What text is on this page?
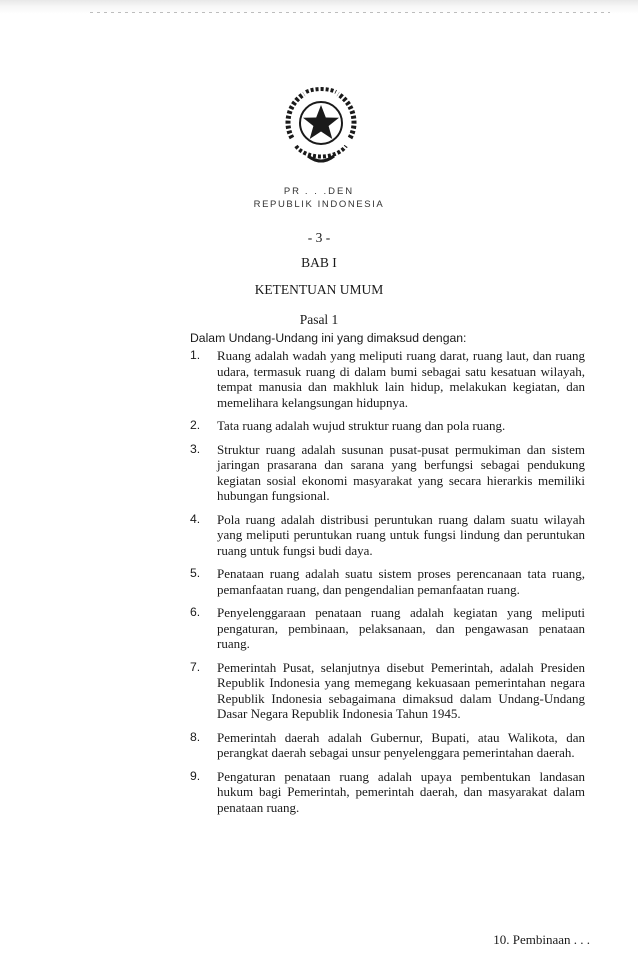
PR . . .DEN
REPUBLIK INDONESIA
- 3 -
BAB I
KETENTUAN UMUM
Pasal 1
Dalam Undang-Undang ini yang dimaksud dengan:
1.	Ruang adalah wadah yang meliputi ruang darat, ruang laut, dan ruang udara, termasuk ruang di dalam bumi sebagai satu kesatuan wilayah, tempat manusia dan makhluk lain hidup, melakukan kegiatan, dan memelihara kelangsungan hidupnya.
2.	Tata ruang adalah wujud struktur ruang dan pola ruang.
3.	Struktur ruang adalah susunan pusat-pusat permukiman dan sistem jaringan prasarana dan sarana yang berfungsi sebagai pendukung kegiatan sosial ekonomi masyarakat yang secara hierarkis memiliki hubungan fungsional.
4.	Pola ruang adalah distribusi peruntukan ruang dalam suatu wilayah yang meliputi peruntukan ruang untuk fungsi lindung dan peruntukan ruang untuk fungsi budi daya.
5.	Penataan ruang adalah suatu sistem proses perencanaan tata ruang, pemanfaatan ruang, dan pengendalian pemanfaatan ruang.
6.	Penyelenggaraan penataan ruang adalah kegiatan yang meliputi pengaturan, pembinaan, pelaksanaan, dan pengawasan penataan ruang.
7.	Pemerintah Pusat, selanjutnya disebut Pemerintah, adalah Presiden Republik Indonesia yang memegang kekuasaan pemerintahan negara Republik Indonesia sebagaimana dimaksud dalam Undang-Undang Dasar Negara Republik Indonesia Tahun 1945.
8.	Pemerintah daerah adalah Gubernur, Bupati, atau Walikota, dan perangkat daerah sebagai unsur penyelenggara pemerintahan daerah.
9.	Pengaturan penataan ruang adalah upaya pembentukan landasan hukum bagi Pemerintah, pemerintah daerah, dan masyarakat dalam penataan ruang.
10. Pembinaan . . .
